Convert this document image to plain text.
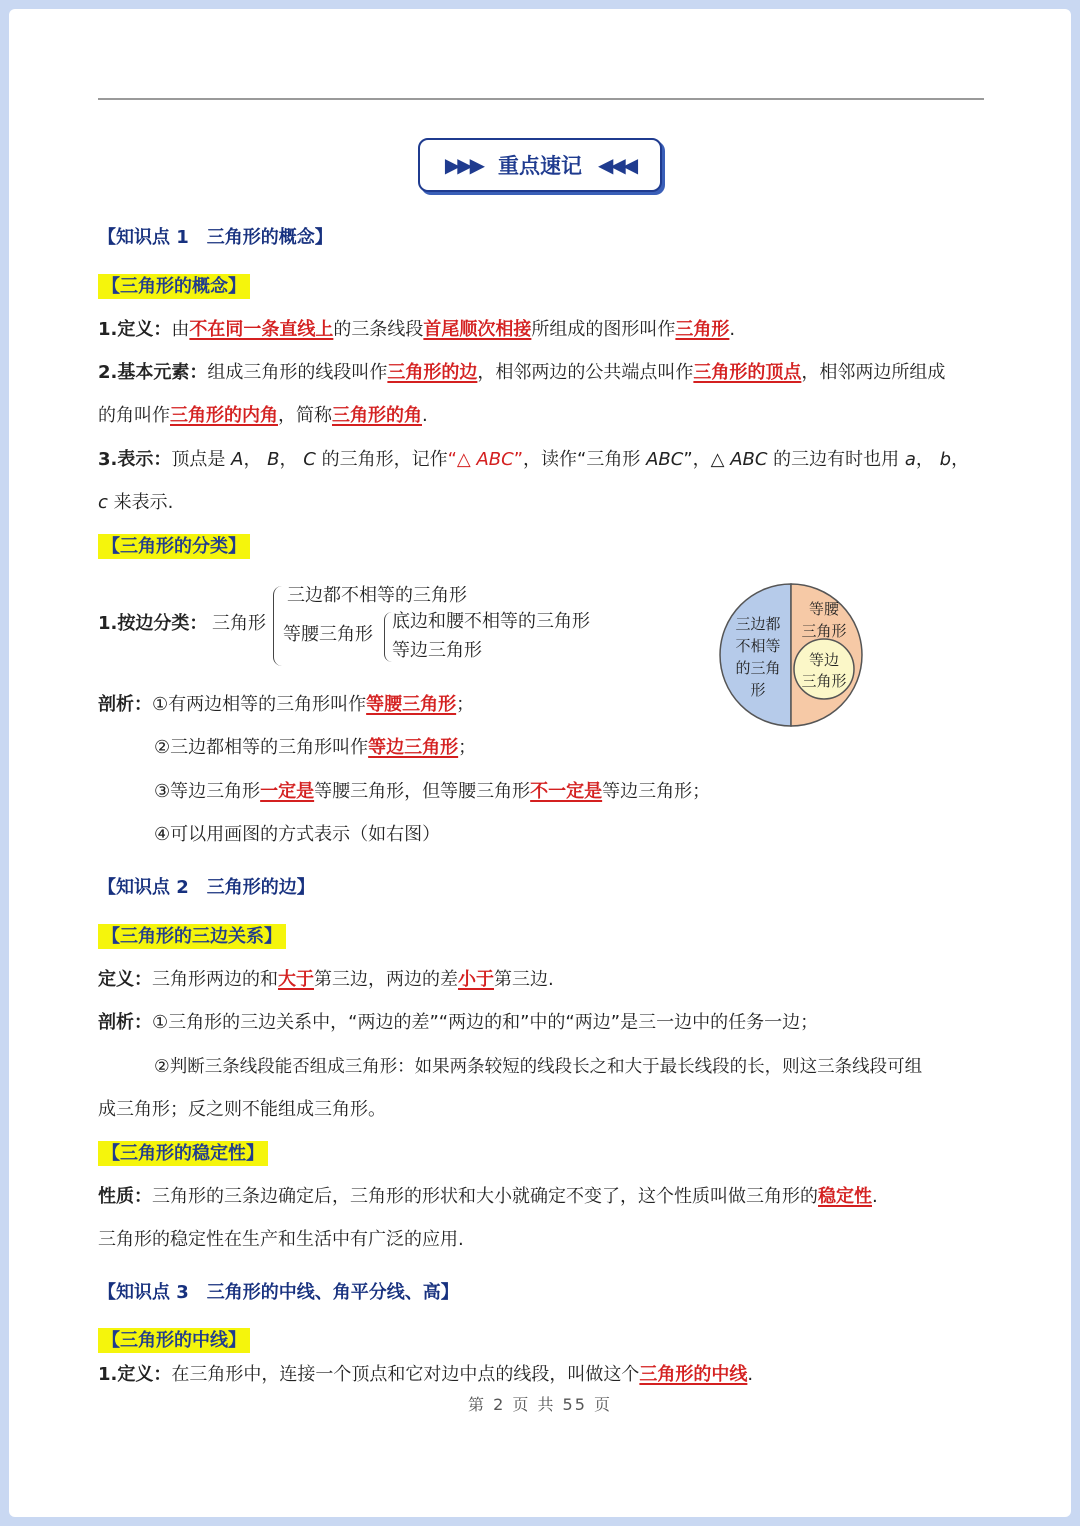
▶▶▶ 重点速记 ◀◀◀
【知识点 1　三角形的概念】
【三角形的概念】
1.定义：由不在同一条直线上的三条线段首尾顺次相接所组成的图形叫作三角形.
2.基本元素：组成三角形的线段叫作三角形的边，相邻两边的公共端点叫作三角形的顶点，相邻两边所组成
的角叫作三角形的内角，简称三角形的角.
3.表示：顶点是 A， B， C 的三角形，记作“△ ABC”，读作“三角形 ABC”，△ ABC 的三边有时也用 a， b，
c 来表示.
【三角形的分类】
1.按边分类： 三角形
三边都不相等的三角形
等腰三角形
底边和腰不相等的三角形
等边三角形
三边都
不相等
的三角
形
等腰
三角形
等边
三角形
剖析：①有两边相等的三角形叫作等腰三角形；
②三边都相等的三角形叫作等边三角形；
③等边三角形一定是等腰三角形，但等腰三角形不一定是等边三角形；
④可以用画图的方式表示（如右图）
【知识点 2　三角形的边】
【三角形的三边关系】
定义：三角形两边的和大于第三边，两边的差小于第三边.
剖析：①三角形的三边关系中，“两边的差”“两边的和”中的“两边”是三一边中的任务一边；
②判断三条线段能否组成三角形：如果两条较短的线段长之和大于最长线段的长，则这三条线段可组
成三角形；反之则不能组成三角形。
【三角形的稳定性】
性质：三角形的三条边确定后，三角形的形状和大小就确定不变了，这个性质叫做三角形的稳定性.
三角形的稳定性在生产和生活中有广泛的应用.
【知识点 3　三角形的中线、角平分线、高】
【三角形的中线】
1.定义：在三角形中，连接一个顶点和它对边中点的线段，叫做这个三角形的中线.
第 2 页 共 55 页
